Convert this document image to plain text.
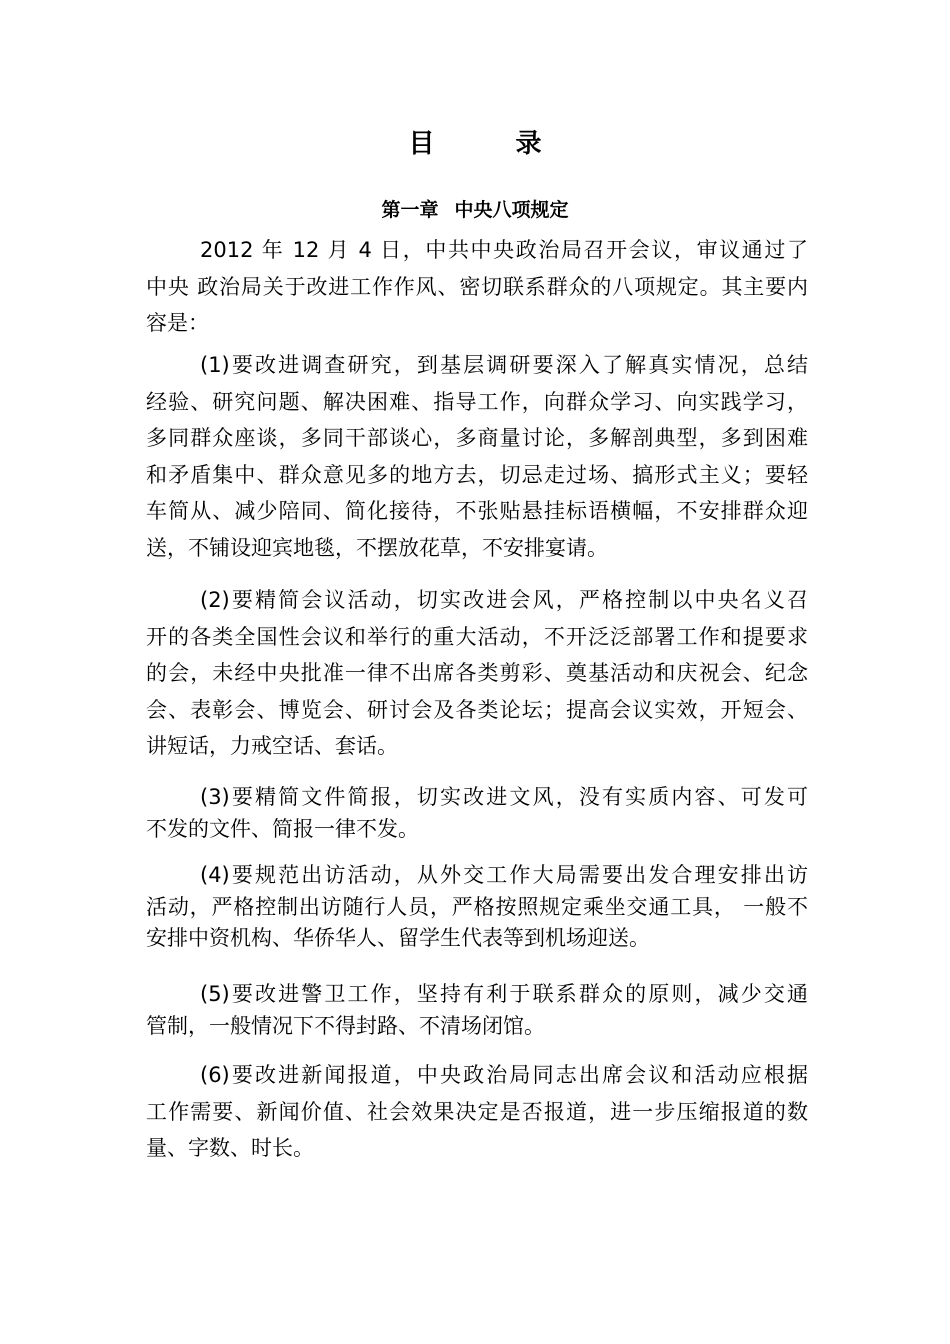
目 录
第一章 中央八项规定

2012 年 12 月 4 日，中共中央政治局召开会议，审议通过了
中央 政治局关于改进工作作风、密切联系群众的八项规定。其主要内
容是：

(1)要改进调查研究，到基层调研要深入了解真实情况，总结
经验、研究问题、解决困难、指导工作，向群众学习、向实践学习，
多同群众座谈，多同干部谈心，多商量讨论，多解剖典型，多到困难
和矛盾集中、群众意见多的地方去，切忌走过场、搞形式主义；要轻
车简从、减少陪同、简化接待，不张贴悬挂标语横幅，不安排群众迎
送，不铺设迎宾地毯，不摆放花草，不安排宴请。

(2)要精简会议活动，切实改进会风，严格控制以中央名义召
开的各类全国性会议和举行的重大活动，不开泛泛部署工作和提要求
的会，未经中央批准一律不出席各类剪彩、奠基活动和庆祝会、纪念
会、表彰会、博览会、研讨会及各类论坛；提高会议实效，开短会、
讲短话，力戒空话、套话。

(3)要精简文件简报，切实改进文风，没有实质内容、可发可
不发的文件、简报一律不发。

(4)要规范出访活动，从外交工作大局需要出发合理安排出访
活动，严格控制出访随行人员，严格按照规定乘坐交通工具， 一般不
安排中资机构、华侨华人、留学生代表等到机场迎送。

(5)要改进警卫工作，坚持有利于联系群众的原则，减少交通
管制，一般情况下不得封路、不清场闭馆。

(6)要改进新闻报道，中央政治局同志出席会议和活动应根据
工作需要、新闻价值、社会效果决定是否报道，进一步压缩报道的数
量、字数、时长。
